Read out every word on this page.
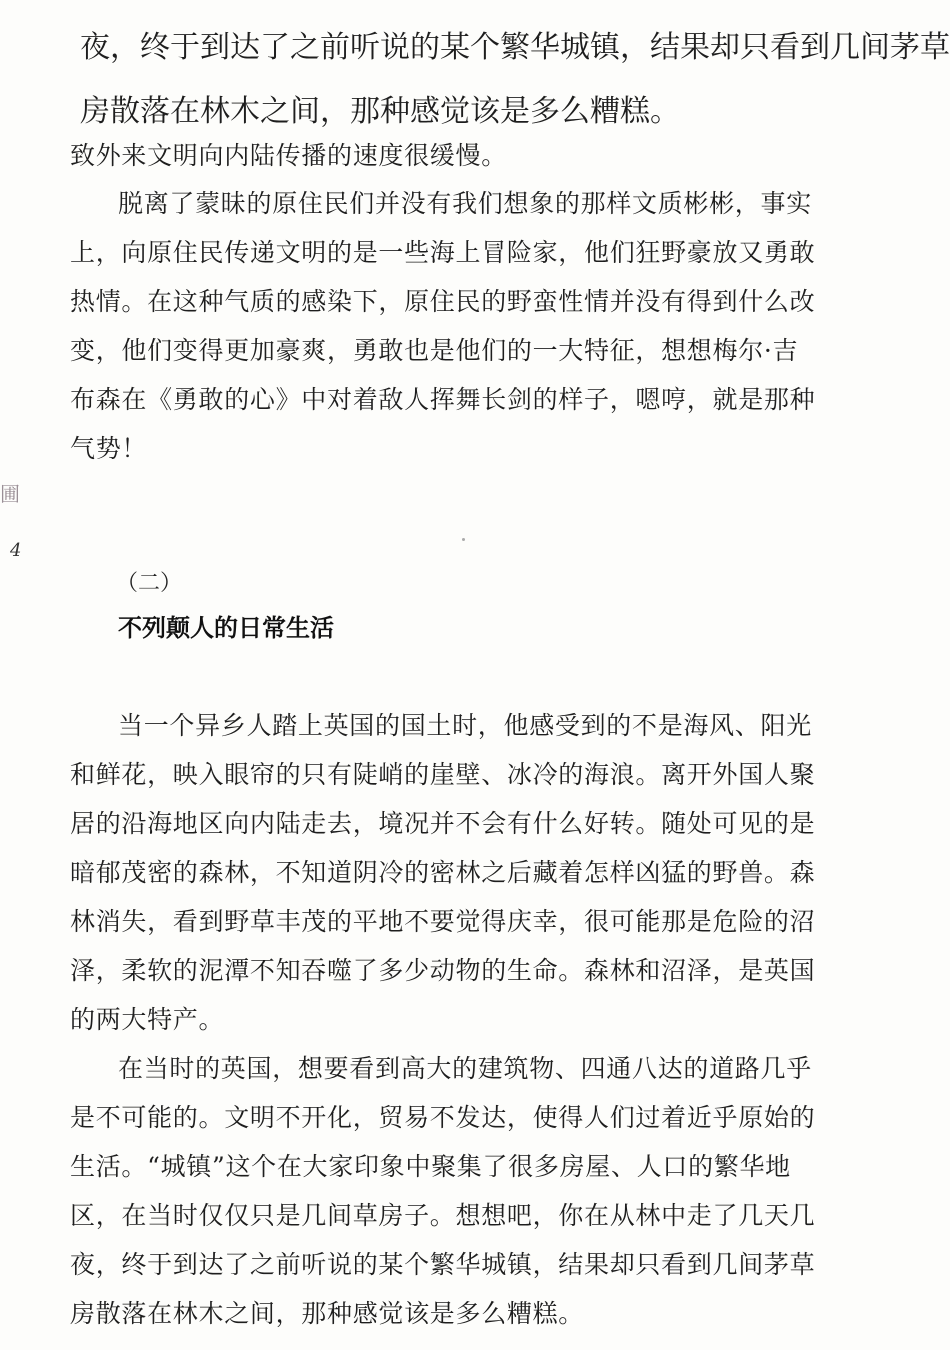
夜，终于到达了之前听说的某个繁华城镇，结果却只看到几间茅草
房散落在林木之间，那种感觉该是多么糟糕。
致外来文明向内陆传播的速度很缓慢。
脱离了蒙昧的原住民们并没有我们想象的那样文质彬彬，事实
上，向原住民传递文明的是一些海上冒险家，他们狂野豪放又勇敢
热情。在这种气质的感染下，原住民的野蛮性情并没有得到什么改
变，他们变得更加豪爽，勇敢也是他们的一大特征，想想梅尔·吉
布森在《勇敢的心》中对着敌人挥舞长剑的样子，嗯哼，就是那种
气势！
圃
4
（二）
不列颠人的日常生活
当一个异乡人踏上英国的国土时，他感受到的不是海风、阳光
和鲜花，映入眼帘的只有陡峭的崖壁、冰冷的海浪。离开外国人聚
居的沿海地区向内陆走去，境况并不会有什么好转。随处可见的是
暗郁茂密的森林，不知道阴冷的密林之后藏着怎样凶猛的野兽。森
林消失，看到野草丰茂的平地不要觉得庆幸，很可能那是危险的沼
泽，柔软的泥潭不知吞噬了多少动物的生命。森林和沼泽，是英国
的两大特产。
在当时的英国，想要看到高大的建筑物、四通八达的道路几乎
是不可能的。文明不开化，贸易不发达，使得人们过着近乎原始的
生活。“城镇”这个在大家印象中聚集了很多房屋、人口的繁华地
区，在当时仅仅只是几间草房子。想想吧，你在从林中走了几天几
夜，终于到达了之前听说的某个繁华城镇，结果却只看到几间茅草
房散落在林木之间，那种感觉该是多么糟糕。
